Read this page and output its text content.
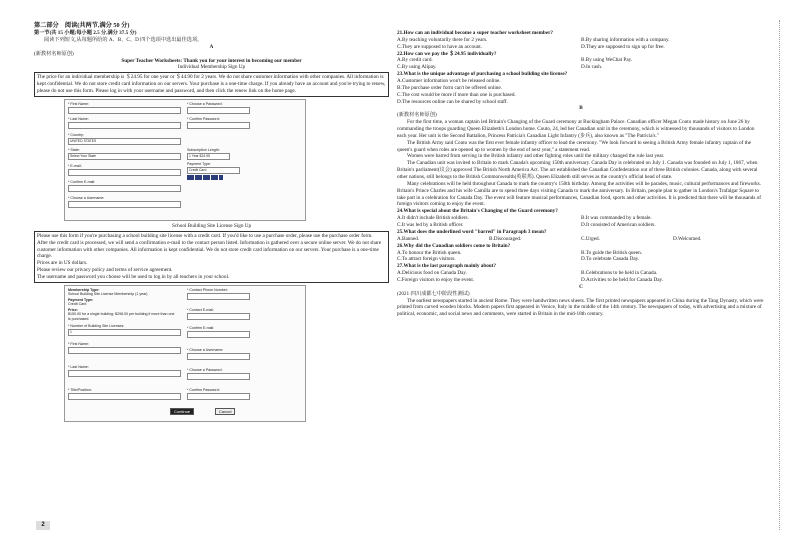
第二部分　阅读(共两节,满分 50 分)

第一节(共 15 小题;每小题 2.5 分,满分 37.5 分)

阅读下列短文,从每题所给的 A、B、C、D 四个选项中选出最佳选项。

A

(新教材名师原创)

Super Teacher Worksheets: Thank you for your interest in becoming our member

Individual Membership Sign Up

The price for an individual membership is ＄24.95 for one year or ＄44.90 for 2 years. We do not share customer information with other companies. All information is kept confidential. We do not store credit card information on our servers. Your purchase is a one-time charge. If you already have an account and you're trying to renew, please do not use this form. Please log in with your username and password, and then click the renew link on the home page.

* First Name:
* Last Name:
* Country:
UNITED STATES
* State:
Select Your State
* E-mail:
* Confirm E-mail:
* Choose a Username:
* Choose a Password:
* Confirm Password:
Subscription Length:
1 Year $24.95
Payment Type:
Credit Card

School Building Site License Sign Up

Please use this form if you're purchasing a school building site license with a credit card. If you'd like to use a purchase order, please use the purchase order form.

After the credit card is processed, we will send a confirmation e-mail to the contact person listed. Information is gathered over a secure online server. We do not share customer information with other companies. All information is kept confidential. We do not store credit card information on our servers. Your purchase is a one-time charge.

Prices are in US dollars.

Please review our privacy policy and terms of service agreement.

The username and password you choose will be used to log in by all teachers in your school.

Membership Type:
School Building Site License Membership (1 year)
Payment Type:
Credit Card
Price:
$150.00 for a single building; $298.00 per building if more than one is purchased.
* Number of Building Site Licenses:
1
* First Name:
* Last Name:
* Title/Position:
* Contact Phone Number:
* Contact E-mail:
* Confirm E-mail:
* Choose a Username:
* Choose a Password:
* Confirm Password:
Continue	Cancel
2

21.How can an individual become a super teacher worksheet member?

A.By teaching voluntarily there for 2 years.	B.By sharing information with a company.
C.They are supposed to have an account.	D.They are supposed to sign up for free.

22.How can we pay the ＄24.95 individually?

A.By credit card.	B.By using WeChat Pay.
C.By using Alipay.	D.In cash.

23.What is the unique advantage of purchasing a school building site license?

A.Customer information won't be released online.

B.The purchase order form can't be offered online.

C.The cost would be more if more than one is purchased.

D.The resources online can be shared by school staff.

B

(新教材名师原创)

For the first time, a woman captain led Britain's Changing of the Guard ceremony at Buckingham Palace. Canadian officer Megan Couto made history on June 26 by commanding the troops guarding Queen Elizabeth's London home. Couto, 24, led her Canadian unit in the ceremony, which is witnessed by thousands of visitors to London each year. Her unit is the Second Battalion, Princess Patricia's Canadian Light Infantry (步兵), also known as "The Patricia's."

The British Army said Couto was the first ever female infantry officer to lead the ceremony. "We look forward to seeing a British Army female infantry captain of the queen's guard when roles are opened up to women by the end of next year," a statement read.

Women were barred from serving in the British infantry and other fighting roles until the military changed the rule last year.

The Canadian unit was invited to Britain to mark Canada's upcoming 150th anniversary. Canada Day is celebrated on July 1. Canada was founded on July 1, 1867, when Britain's parliament(议会) approved The British North America Act. The act established the Canadian Confederation out of three British colonies. Canada, along with several other nations, still belongs to the British Commonwealth(英联邦). Queen Elizabeth still serves as the country's official head of state.

Many celebrations will be held throughout Canada to mark the country's 150th birthday. Among the activities will be parades, music, cultural performances and fireworks. Britain's Prince Charles and his wife Camilla are to spend three days visiting Canada to mark the anniversary. In Britain, people plan to gather in London's Trafalgar Square to take part in a celebration for Canada Day. The event will feature musical performances, Canadian food, sports and other activities. It is predicted that there will be thousands of foreign visitors coming to enjoy the event.

24.What is special about the Britain's Changing of the Guard ceremony?

A.It didn't include British soldiers.	B.It was commanded by a female.
C.It was led by a British officer.	D.It consisted of American soldiers.

25.What does the underlined word "barred" in Paragraph 3 mean?

A.Banned.	B.Discouraged.	C.Urged.	D.Welcomed.

26.Why did the Canadian soldiers come to Britain?

A.To honour the British queen.	B.To guide the British queen.
C.To attract foreign visitors.	D.To celebrate Canada Day.

27.What is the last paragraph mainly about?

A.Delicious food on Canada Day.	B.Celebrations to be held in Canada.
C.Foreign visitors to enjoy the event.	D.Activities to be held for Canada Day.

C

(2021·四川成都七中阶段性测试)

The earliest newspapers started in ancient Rome. They were handwritten news sheets. The first printed newspapers appeared in China during the Tang Dynasty, which were printed from carved wooden blocks. Modern papers first appeared in Venice, Italy in the middle of the 14th century. The newspapers of today, with advertising and a mixture of political, economic, and social news and comments, were started in Britain in the mid-18th century.
